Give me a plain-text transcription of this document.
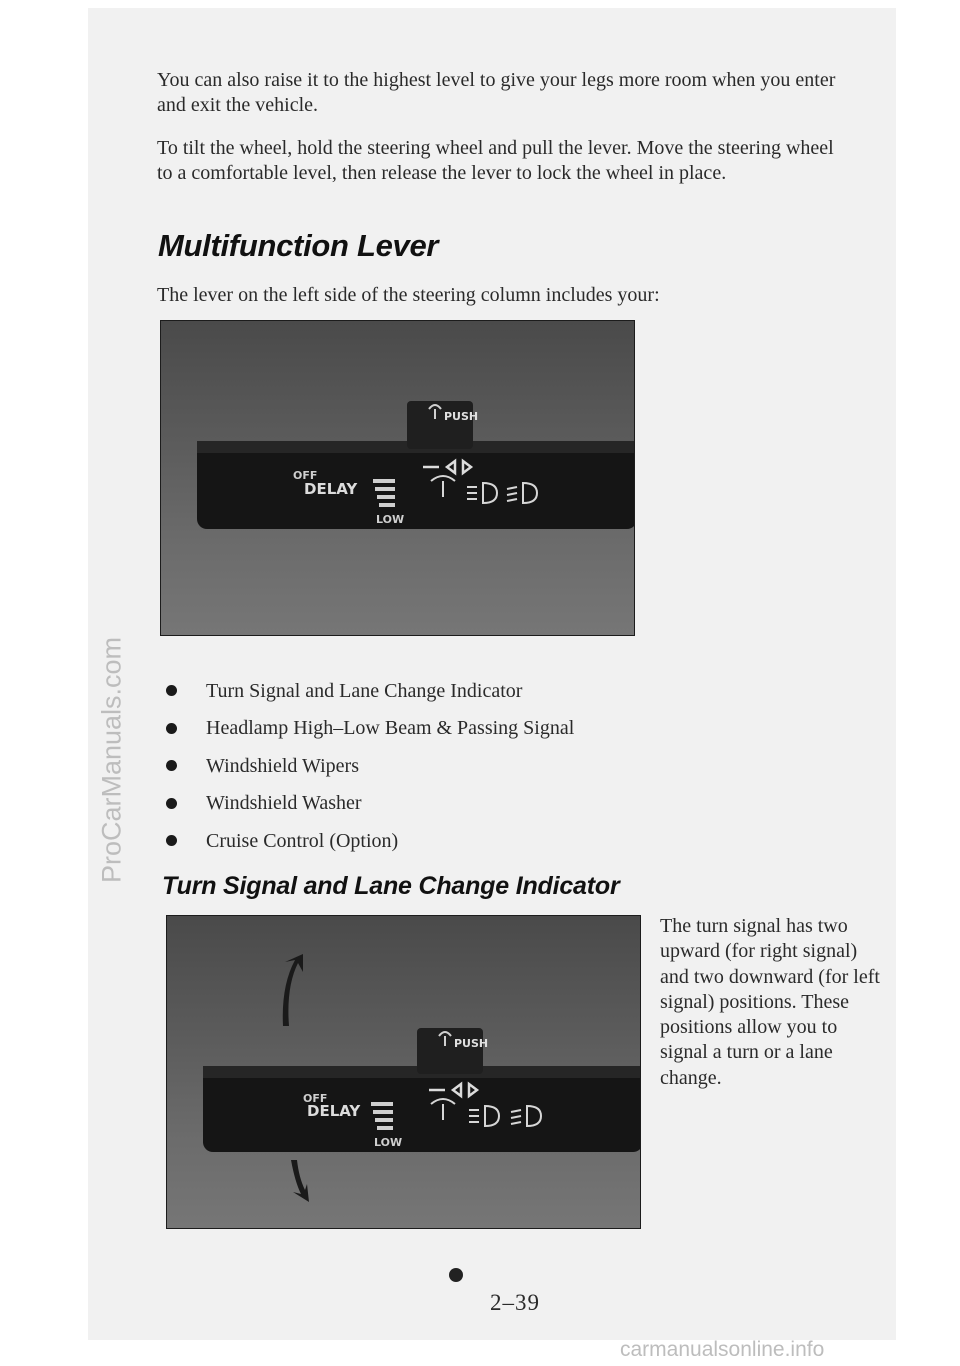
You can also raise it to the highest level to give your legs more room when you enter and exit the vehicle.

To tilt the wheel, hold the steering wheel and pull the lever. Move the steering wheel to a comfortable level, then release the lever to lock the wheel in place.

Multifunction Lever

The lever on the left side of the steering column includes your:

PUSH
OFF
DELAY
LOW
Turn Signal and Lane Change Indicator
Headlamp High–Low Beam & Passing Signal
Windshield Wipers
Windshield Washer
Cruise Control (Option)
Turn Signal and Lane Change Indicator
PUSH
OFF
DELAY
LOW

The turn signal has two upward (for right signal) and two downward (for left signal) positions. These positions allow you to signal a turn or a lane change.

2–39
ProCarManuals.com
carmanualsonline.info
